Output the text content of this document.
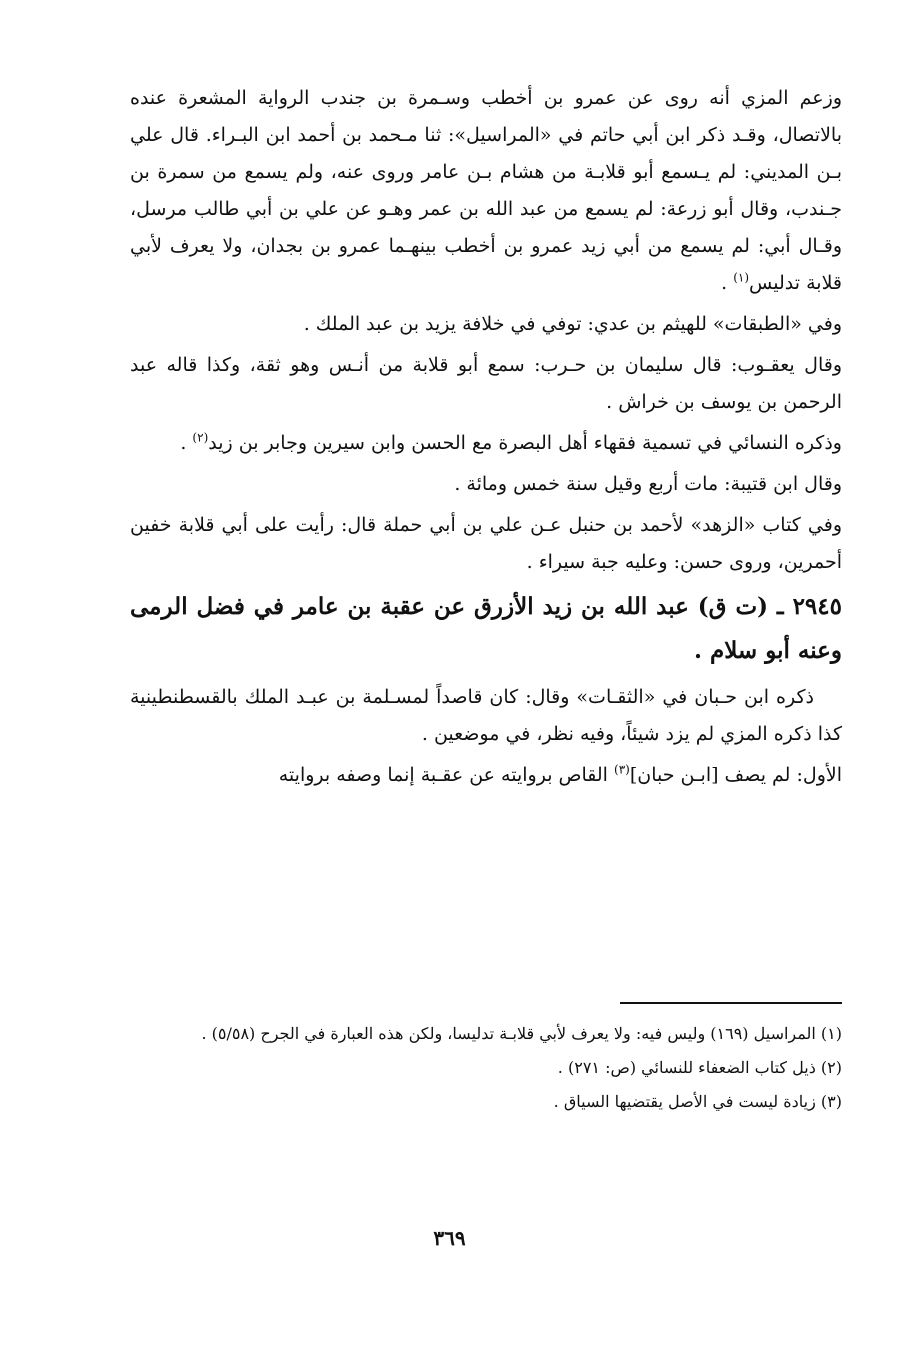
وزعم المزي أنه روى عن عمرو بن أخطب وسـمرة بن جندب الرواية المشعرة عنده بالاتصال، وقـد ذكر ابن أبي حاتم في «المراسيل»: ثنا مـحمد بن أحمد ابن البـراء. قال علي بـن المديني: لم يـسمع أبو قلابـة من هشام بـن عامر وروى عنه، ولم يسمع من سمرة بن جـندب، وقال أبو زرعة: لم يسمع من عبد الله بن عمر وهـو عن علي بن أبي طالب مرسل، وقـال أبي: لم يسمع من أبي زيد عمرو بن أخطب بينهـما عمرو بن بجدان، ولا يعرف لأبي قلابة تدليس$^{(١)}$ .

وفي «الطبقات» للهيثم بن عدي: توفي في خلافة يزيد بن عبد الملك .

وقال يعقـوب: قال سليمان بن حـرب: سمع أبو قلابة من أنـس وهو ثقة، وكذا قاله عبد الرحمن بن يوسف بن خراش .

وذكره النسائي في تسمية فقهاء أهل البصرة مع الحسن وابن سيرين وجابر بن زيد$^{(٢)}$ .

وقال ابن قتيبة: مات أربع وقيل سنة خمس ومائة .

وفي كتاب «الزهد» لأحمد بن حنبل عـن علي بن أبي حملة قال: رأيت على أبي قلابة خفين أحمرين، وروى حسن: وعليه جبة سيراء .

٢٩٤٥ ـ (ت ق) عبد الله بن زيد الأزرق عن عقبة بن عامر في فضل الرمى وعنه أبو سلام .

ذكره ابن حـبان في «الثقـات» وقال: كان قاصداً لمسـلمة بن عبـد الملك بالقسطنطينية كذا ذكره المزي لم يزد شيئاً، وفيه نظر، في موضعين .

الأول: لم يصف [ابـن حبان]$^{(٣)}$ القاص بروايته عن عقـبة إنما وصفه بروايته

(١) المراسيل (١٦٩) وليس فيه: ولا يعرف لأبي قلابـة تدليسا، ولكن هذه العبارة في الجرح (٥/٥٨) .

(٢) ذيل كتاب الضعفاء للنسائي (ص: ٢٧١) .

(٣) زيادة ليست في الأصل يقتضيها السياق .

٣٦٩
